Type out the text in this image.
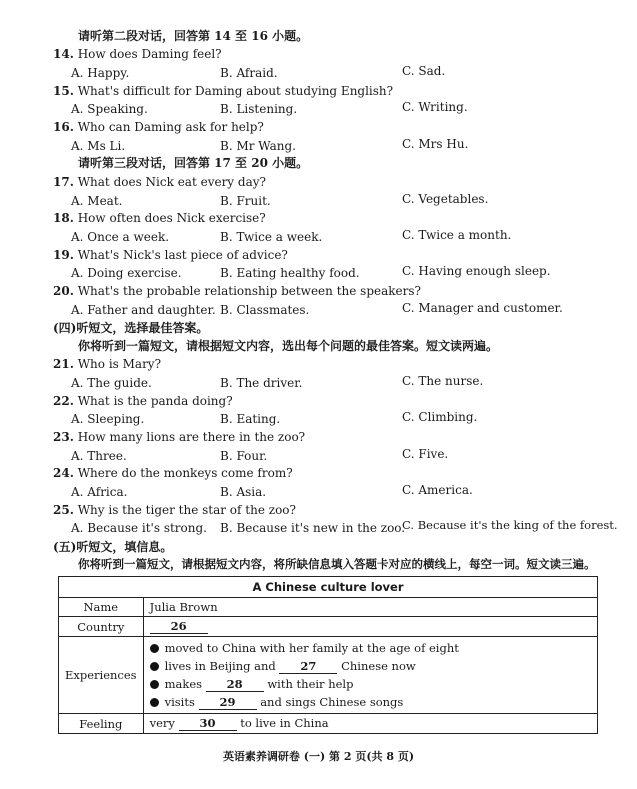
请听第二段对话，回答第 14 至 16 小题。
14. How does Daming feel?
A. Happy.	B. Afraid.	C. Sad.
15. What's difficult for Daming about studying English?
A. Speaking.	B. Listening.	C. Writing.
16. Who can Daming ask for help?
A. Ms Li.	B. Mr Wang.	C. Mrs Hu.
请听第三段对话，回答第 17 至 20 小题。
17. What does Nick eat every day?
A. Meat.	B. Fruit.	C. Vegetables.
18. How often does Nick exercise?
A. Once a week.	B. Twice a week.	C. Twice a month.
19. What's Nick's last piece of advice?
A. Doing exercise.	B. Eating healthy food.	C. Having enough sleep.
20. What's the probable relationship between the speakers?
A. Father and daughter. B. Classmates.	C. Manager and customer.
(四)听短文，选择最佳答案。
你将听到一篇短文，请根据短文内容，选出每个问题的最佳答案。短文读两遍。
21. Who is Mary?
A. The guide.	B. The driver.	C. The nurse.
22. What is the panda doing?
A. Sleeping.	B. Eating.	C. Climbing.
23. How many lions are there in the zoo?
A. Three.	B. Four.	C. Five.
24. Where do the monkeys come from?
A. Africa.	B. Asia.	C. America.
25. Why is the tiger the star of the zoo?
A. Because it's strong. B. Because it's new in the zoo.
C. Because it's the king of the forest.
(五)听短文，填信息。
你将听到一篇短文，请根据短文内容，将所缺信息填入答题卡对应的横线上，每空一词。短文读三遍。
A Chinese culture lover	
Name	Julia Brown
Country	26
Experiences	moved to China with her family at the age of eight
lives in Beijing and 27 Chinese now
makes 28 with their help
visits 29 and sings Chinese songs

Feeling	very 30 to live in China
英语素养调研卷 (一) 第 2 页(共 8 页)
